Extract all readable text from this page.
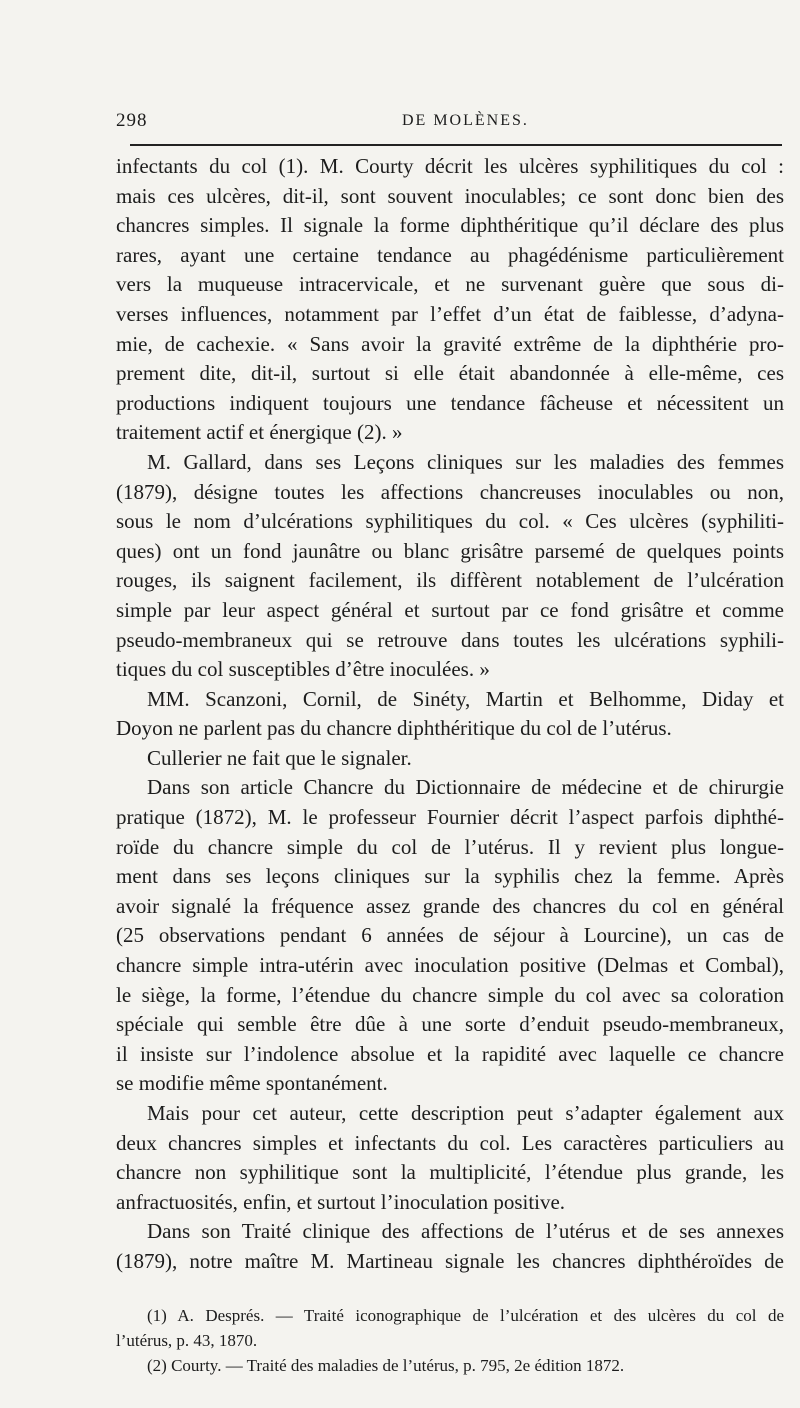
298	DE MOLÈNES.
infectants du col (1). M. Courty décrit les ulcères syphilitiques du col :
mais ces ulcères, dit-il, sont souvent inoculables; ce sont donc bien des
chancres simples. Il signale la forme diphthéritique qu’il déclare des plus
rares, ayant une certaine tendance au phagédénisme particulièrement
vers la muqueuse intracervicale, et ne survenant guère que sous di-
verses influences, notamment par l’effet d’un état de faiblesse, d’adyna-
mie, de cachexie. « Sans avoir la gravité extrême de la diphthérie pro-
prement dite, dit-il, surtout si elle était abandonnée à elle-même, ces
productions indiquent toujours une tendance fâcheuse et nécessitent un
traitement actif et énergique (2). »
M. Gallard, dans ses Leçons cliniques sur les maladies des femmes
(1879), désigne toutes les affections chancreuses inoculables ou non,
sous le nom d’ulcérations syphilitiques du col. « Ces ulcères (syphiliti-
ques) ont un fond jaunâtre ou blanc grisâtre parsemé de quelques points
rouges, ils saignent facilement, ils diffèrent notablement de l’ulcération
simple par leur aspect général et surtout par ce fond grisâtre et comme
pseudo-membraneux qui se retrouve dans toutes les ulcérations syphili-
tiques du col susceptibles d’être inoculées. »
MM. Scanzoni, Cornil, de Sinéty, Martin et Belhomme, Diday et
Doyon ne parlent pas du chancre diphthéritique du col de l’utérus.
Cullerier ne fait que le signaler.
Dans son article Chancre du Dictionnaire de médecine et de chirurgie
pratique (1872), M. le professeur Fournier décrit l’aspect parfois diphthé-
roïde du chancre simple du col de l’utérus. Il y revient plus longue-
ment dans ses leçons cliniques sur la syphilis chez la femme. Après
avoir signalé la fréquence assez grande des chancres du col en général
(25 observations pendant 6 années de séjour à Lourcine), un cas de
chancre simple intra-utérin avec inoculation positive (Delmas et Combal),
le siège, la forme, l’étendue du chancre simple du col avec sa coloration
spéciale qui semble être dûe à une sorte d’enduit pseudo-membraneux,
il insiste sur l’indolence absolue et la rapidité avec laquelle ce chancre
se modifie même spontanément.
Mais pour cet auteur, cette description peut s’adapter également aux
deux chancres simples et infectants du col. Les caractères particuliers au
chancre non syphilitique sont la multiplicité, l’étendue plus grande, les
anfractuosités, enfin, et surtout l’inoculation positive.
Dans son Traité clinique des affections de l’utérus et de ses annexes
(1879), notre maître M. Martineau signale les chancres diphthéroïdes de
(1) A. Després. — Traité iconographique de l’ulcération et des ulcères du col de
l’utérus, p. 43, 1870.
(2) Courty. — Traité des maladies de l’utérus, p. 795, 2e édition 1872.
